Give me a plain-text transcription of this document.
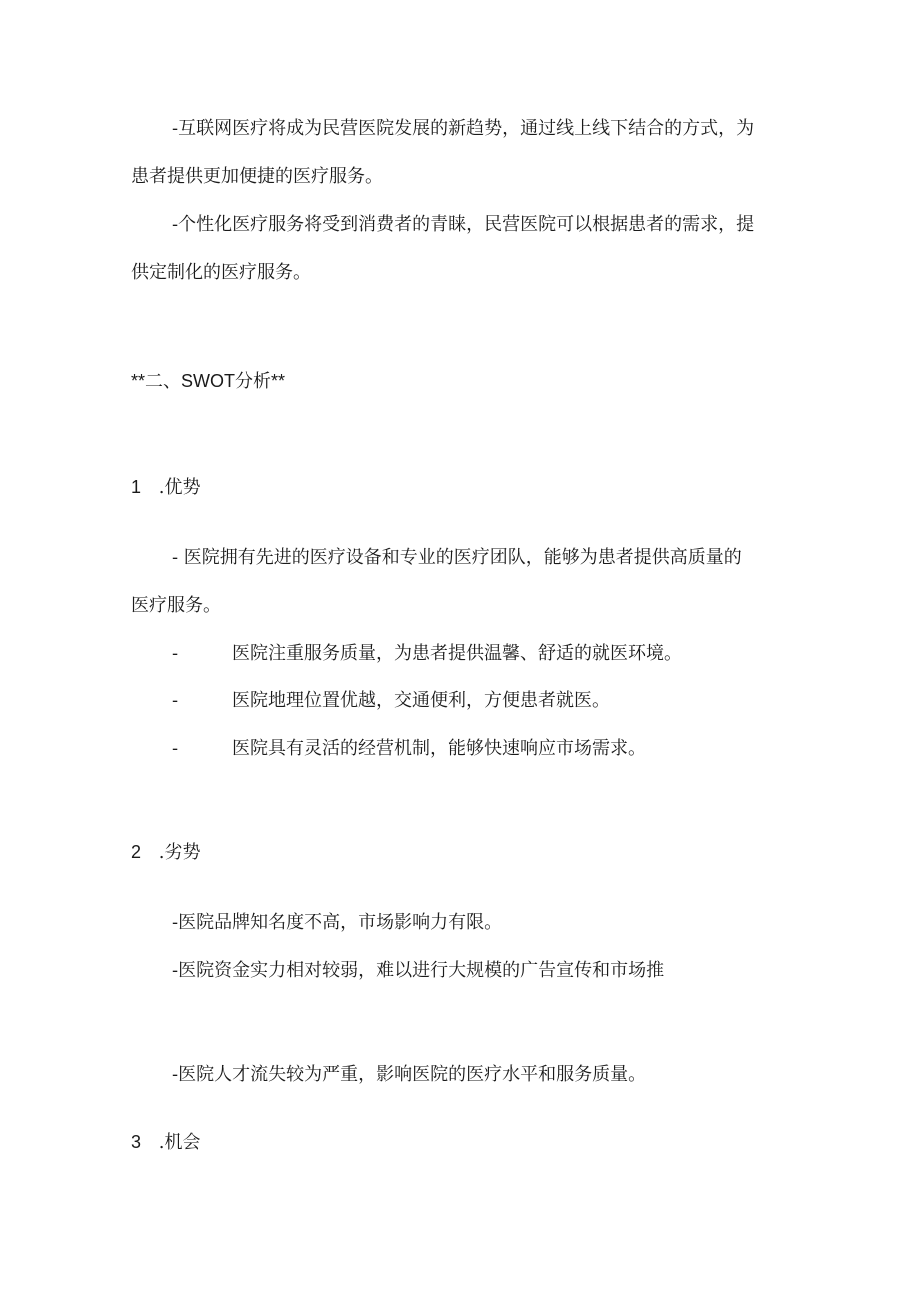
-互联网医疗将成为民营医院发展的新趋势，通过线上线下结合的方式，为
患者提供更加便捷的医疗服务。
-个性化医疗服务将受到消费者的青睐，民营医院可以根据患者的需求，提
供定制化的医疗服务。
**二、SWOT分析**
1 .优势
- 医院拥有先进的医疗设备和专业的医疗团队，能够为患者提供高质量的
医疗服务。
-	医院注重服务质量，为患者提供温馨、舒适的就医环境。
-	医院地理位置优越，交通便利，方便患者就医。
-	医院具有灵活的经营机制，能够快速响应市场需求。
2 .劣势
-医院品牌知名度不高，市场影响力有限。
-医院资金实力相对较弱，难以进行大规模的广告宣传和市场推
-医院人才流失较为严重，影响医院的医疗水平和服务质量。
3 .机会
